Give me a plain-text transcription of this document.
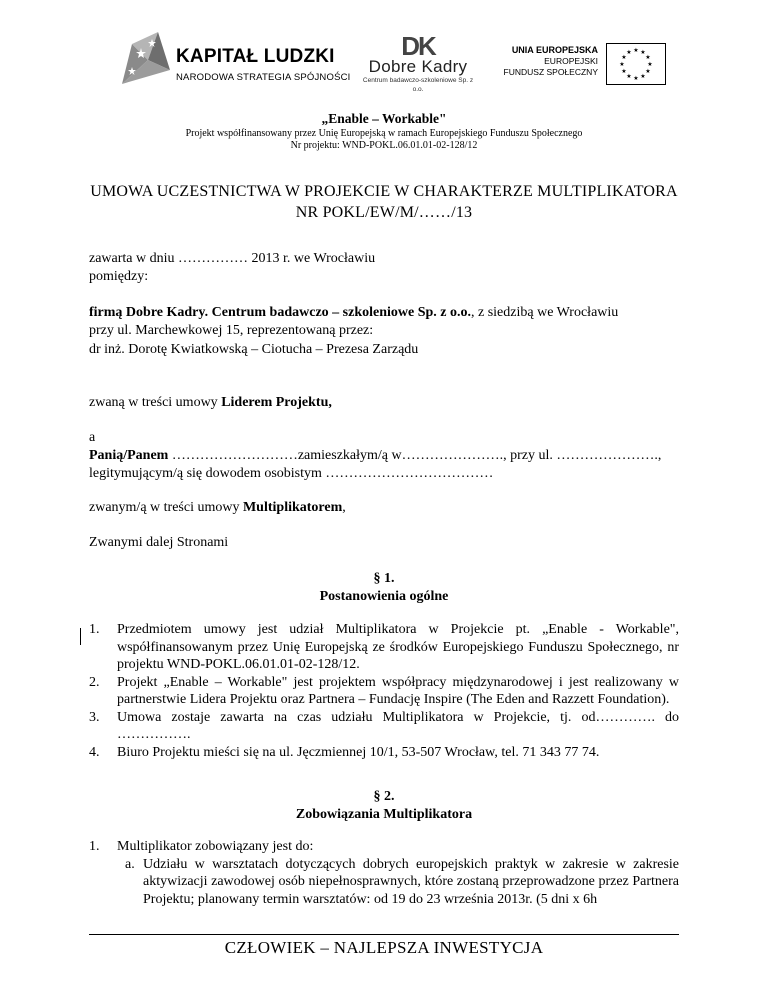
KAPITAŁ LUDZKI
NARODOWA STRATEGIA SPÓJNOŚCI
DK
Dobre Kadry
Centrum badawczo-szkoleniowe Sp. z o.o.
UNIA EUROPEJSKA
EUROPEJSKI
FUNDUSZ SPOŁECZNY
★ ★
★
★
★
★
★
★
★
★
★
★
„Enable – Workable"
Projekt współfinansowany przez Unię Europejską w ramach Europejskiego Funduszu Społecznego
Nr projektu: WND-POKL.06.01.01-02-128/12
UMOWA UCZESTNICTWA W PROJEKCIE W CHARAKTERZE MULTIPLIKATORA
NR POKL/EW/M/……/13
zawarta w dniu …………… 2013 r. we Wrocławiu
pomiędzy:
firmą Dobre Kadry. Centrum badawczo – szkoleniowe Sp. z o.o., z siedzibą we Wrocławiu
przy ul. Marchewkowej 15, reprezentowaną przez:
dr inż. Dorotę Kwiatkowską – Ciotucha – Prezesa Zarządu
zwaną w treści umowy Liderem Projektu,
a
Panią/Panem ………………………zamieszkałym/ą w…………………., przy ul. ………………….,
legitymującym/ą się dowodem osobistym ………………………………
zwanym/ą w treści umowy Multiplikatorem,
Zwanymi dalej Stronami
§ 1.
Postanowienia ogólne
1. Przedmiotem umowy jest udział Multiplikatora w Projekcie pt. „Enable - Workable", współfinansowanym przez Unię Europejską ze środków Europejskiego Funduszu Społecznego, nr projektu WND-POKL.06.01.01-02-128/12.
2. Projekt „Enable – Workable" jest projektem współpracy międzynarodowej i jest realizowany w partnerstwie Lidera Projektu oraz Partnera – Fundację Inspire (The Eden and Razzett Foundation).
3. Umowa zostaje zawarta na czas udziału Multiplikatora w Projekcie, tj. od…………. do …………….
4. Biuro Projektu mieści się na ul. Jęczmiennej 10/1, 53-507 Wrocław, tel. 71 343 77 74.
§ 2.
Zobowiązania Multiplikatora
1. Multiplikator zobowiązany jest do:
a. Udziału w warsztatach dotyczących dobrych europejskich praktyk w zakresie w zakresie aktywizacji zawodowej osób niepełnosprawnych, które zostaną przeprowadzone przez Partnera Projektu; planowany termin warsztatów: od 19 do 23 września 2013r. (5 dni x 6h
CZŁOWIEK – NAJLEPSZA INWESTYCJA
